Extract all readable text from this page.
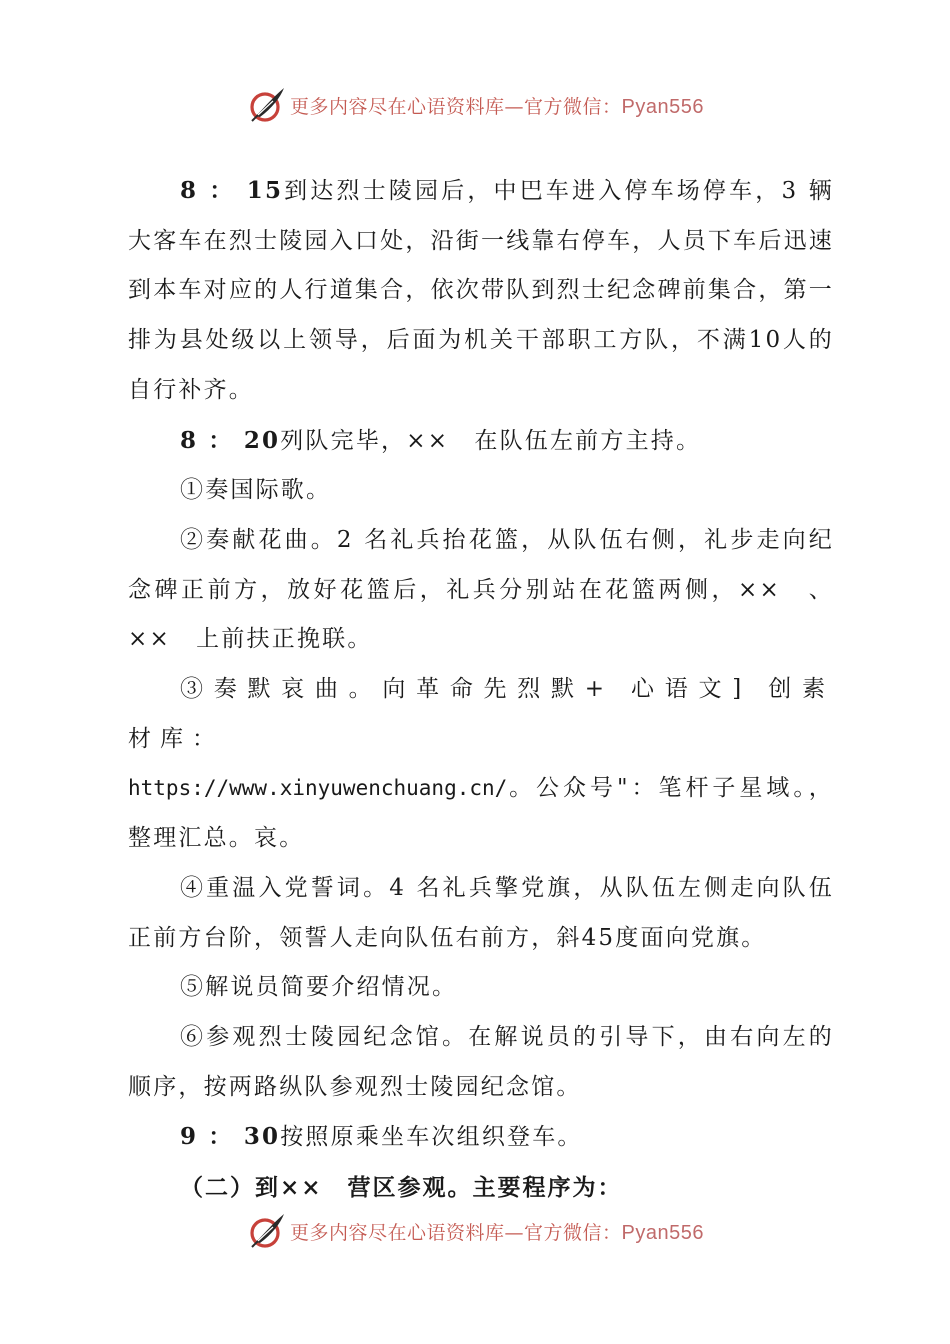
更多内容尽在心语资料库—官方微信：Pyan556

8 ： 15到达烈士陵园后，中巴车进入停车场停车，3 辆大客车在烈士陵园入口处，沿街一线靠右停车，人员下车后迅速到本车对应的人行道集合，依次带队到烈士纪念碑前集合，第一排为县处级以上领导，后面为机关干部职工方队，不满10人的自行补齐。

8 ： 20列队完毕，××　在队伍左前方主持。

①奏国际歌。

②奏献花曲。2 名礼兵抬花篮，从队伍右侧，礼步走向纪念碑正前方，放好花篮后，礼兵分别站在花篮两侧，××　、××　上前扶正挽联。

③奏默哀曲。向革命先烈默+ 心语文] 创素材库：
https://www.xinyuwenchuang.cn/。公众号"：笔杆子星域。，整理汇总。哀。

④重温入党誓词。4 名礼兵擎党旗，从队伍左侧走向队伍正前方台阶，领誓人走向队伍右前方，斜45度面向党旗。

⑤解说员简要介绍情况。

⑥参观烈士陵园纪念馆。在解说员的引导下，由右向左的顺序，按两路纵队参观烈士陵园纪念馆。

9 ： 30按照原乘坐车次组织登车。

（二）到××　营区参观。主要程序为：

更多内容尽在心语资料库—官方微信：Pyan556
